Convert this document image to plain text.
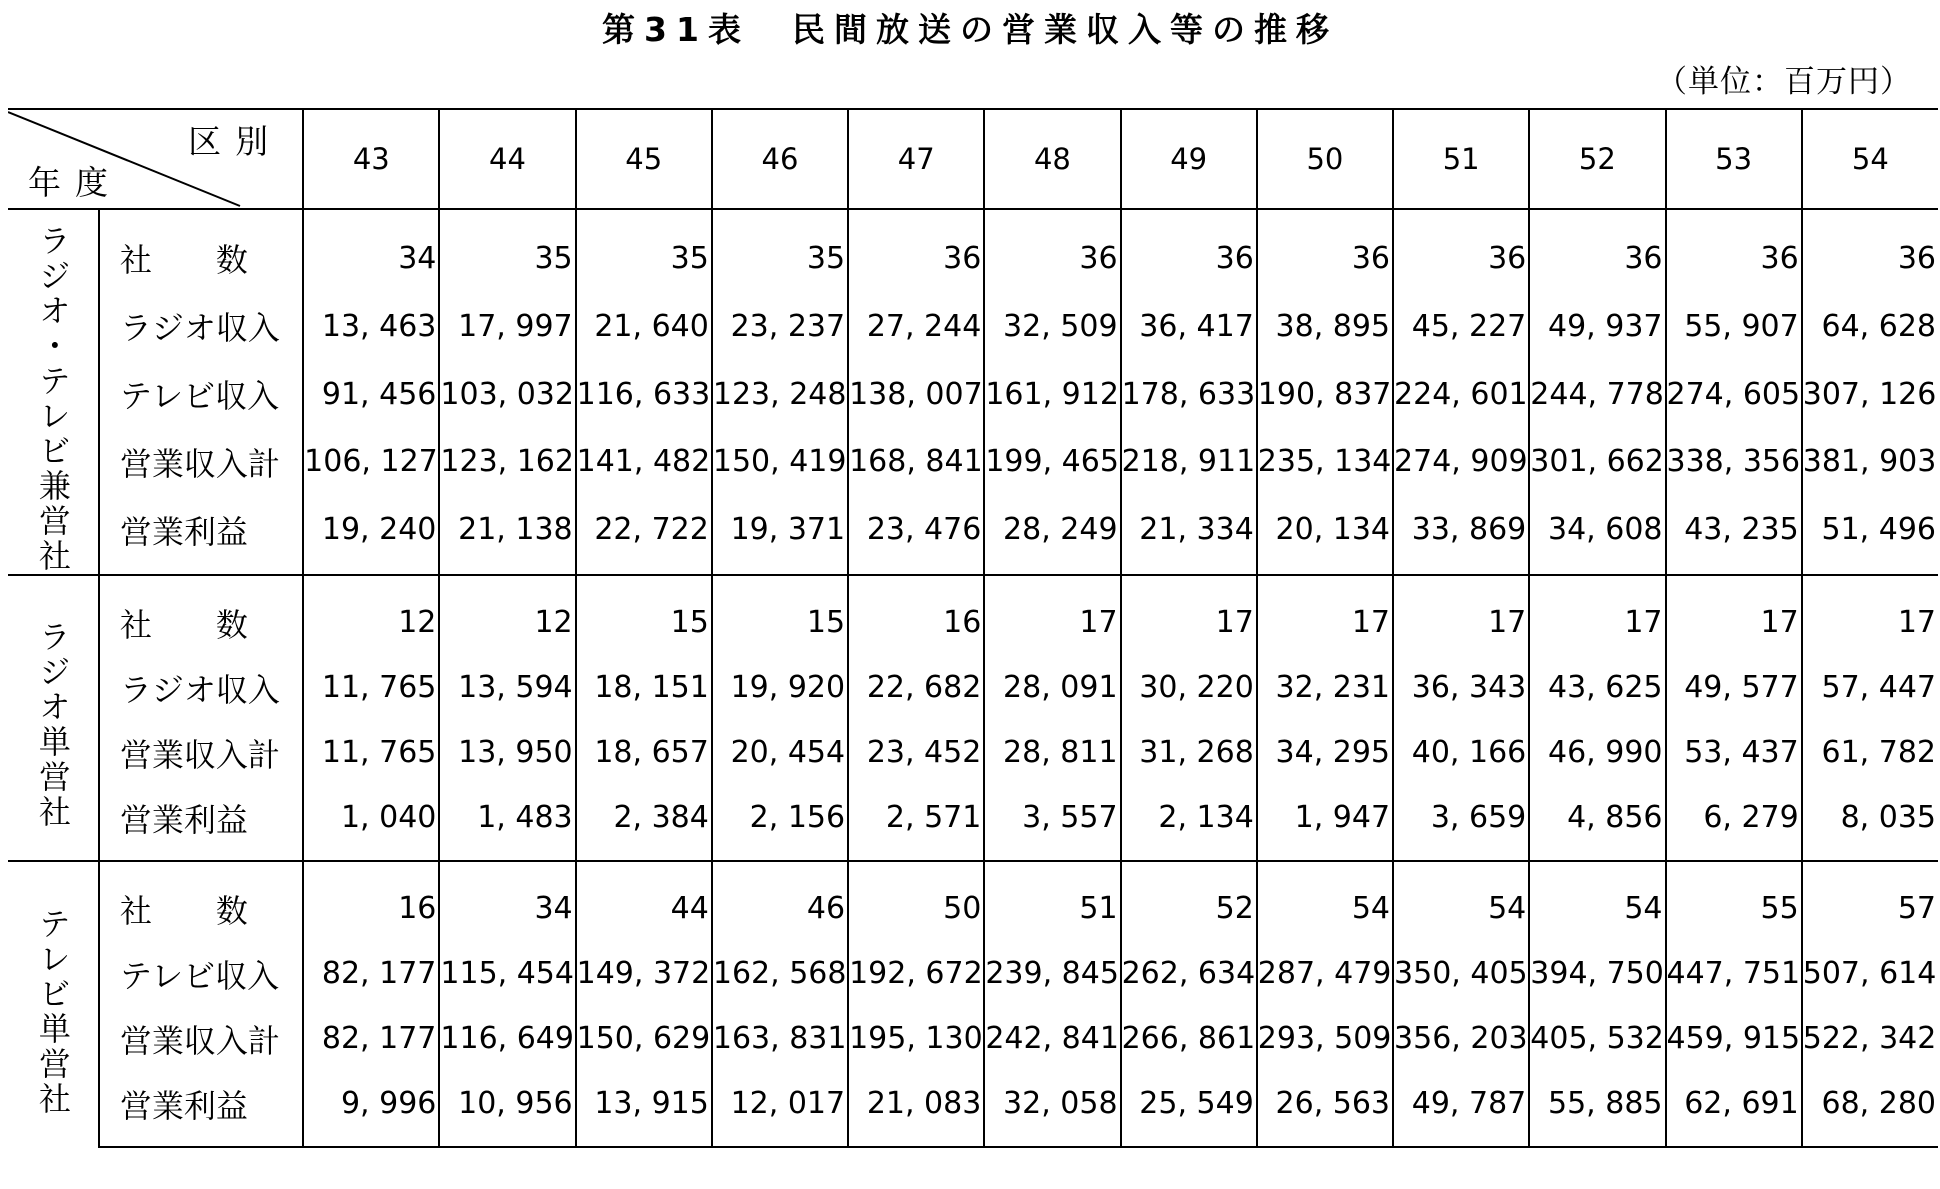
第31表　民間放送の営業収入等の推移
（単位：百万円）
区別
年度		43	44	45	46	47	48	49	50	51	52	53	54

ラジオ・テレビ兼営社	社　　数	34	35	35	35	36	36	36	36	36	36	36	36
	ラジオ収入	13, 463	17, 997	21, 640	23, 237	27, 244	32, 509	36, 417	38, 895	45, 227	49, 937	55, 907	64, 628
	テレビ収入	91, 456	103, 032	116, 633	123, 248	138, 007	161, 912	178, 633	190, 837	224, 601	244, 778	274, 605	307, 126
	営業収入計	106, 127	123, 162	141, 482	150, 419	168, 841	199, 465	218, 911	235, 134	274, 909	301, 662	338, 356	381, 903
	営業利益	19, 240	21, 138	22, 722	19, 371	23, 476	28, 249	21, 334	20, 134	33, 869	34, 608	43, 235	51, 496

ラジオ単営社	社　　数	12	12	15	15	16	17	17	17	17	17	17	17
	ラジオ収入	11, 765	13, 594	18, 151	19, 920	22, 682	28, 091	30, 220	32, 231	36, 343	43, 625	49, 577	57, 447
	営業収入計	11, 765	13, 950	18, 657	20, 454	23, 452	28, 811	31, 268	34, 295	40, 166	46, 990	53, 437	61, 782
	営業利益	1, 040	1, 483	2, 384	2, 156	2, 571	3, 557	2, 134	1, 947	3, 659	4, 856	6, 279	8, 035

テレビ単営社	社　　数	16	34	44	46	50	51	52	54	54	54	55	57
	テレビ収入	82, 177	115, 454	149, 372	162, 568	192, 672	239, 845	262, 634	287, 479	350, 405	394, 750	447, 751	507, 614
	営業収入計	82, 177	116, 649	150, 629	163, 831	195, 130	242, 841	266, 861	293, 509	356, 203	405, 532	459, 915	522, 342
	営業利益	9, 996	10, 956	13, 915	12, 017	21, 083	32, 058	25, 549	26, 563	49, 787	55, 885	62, 691	68, 280
